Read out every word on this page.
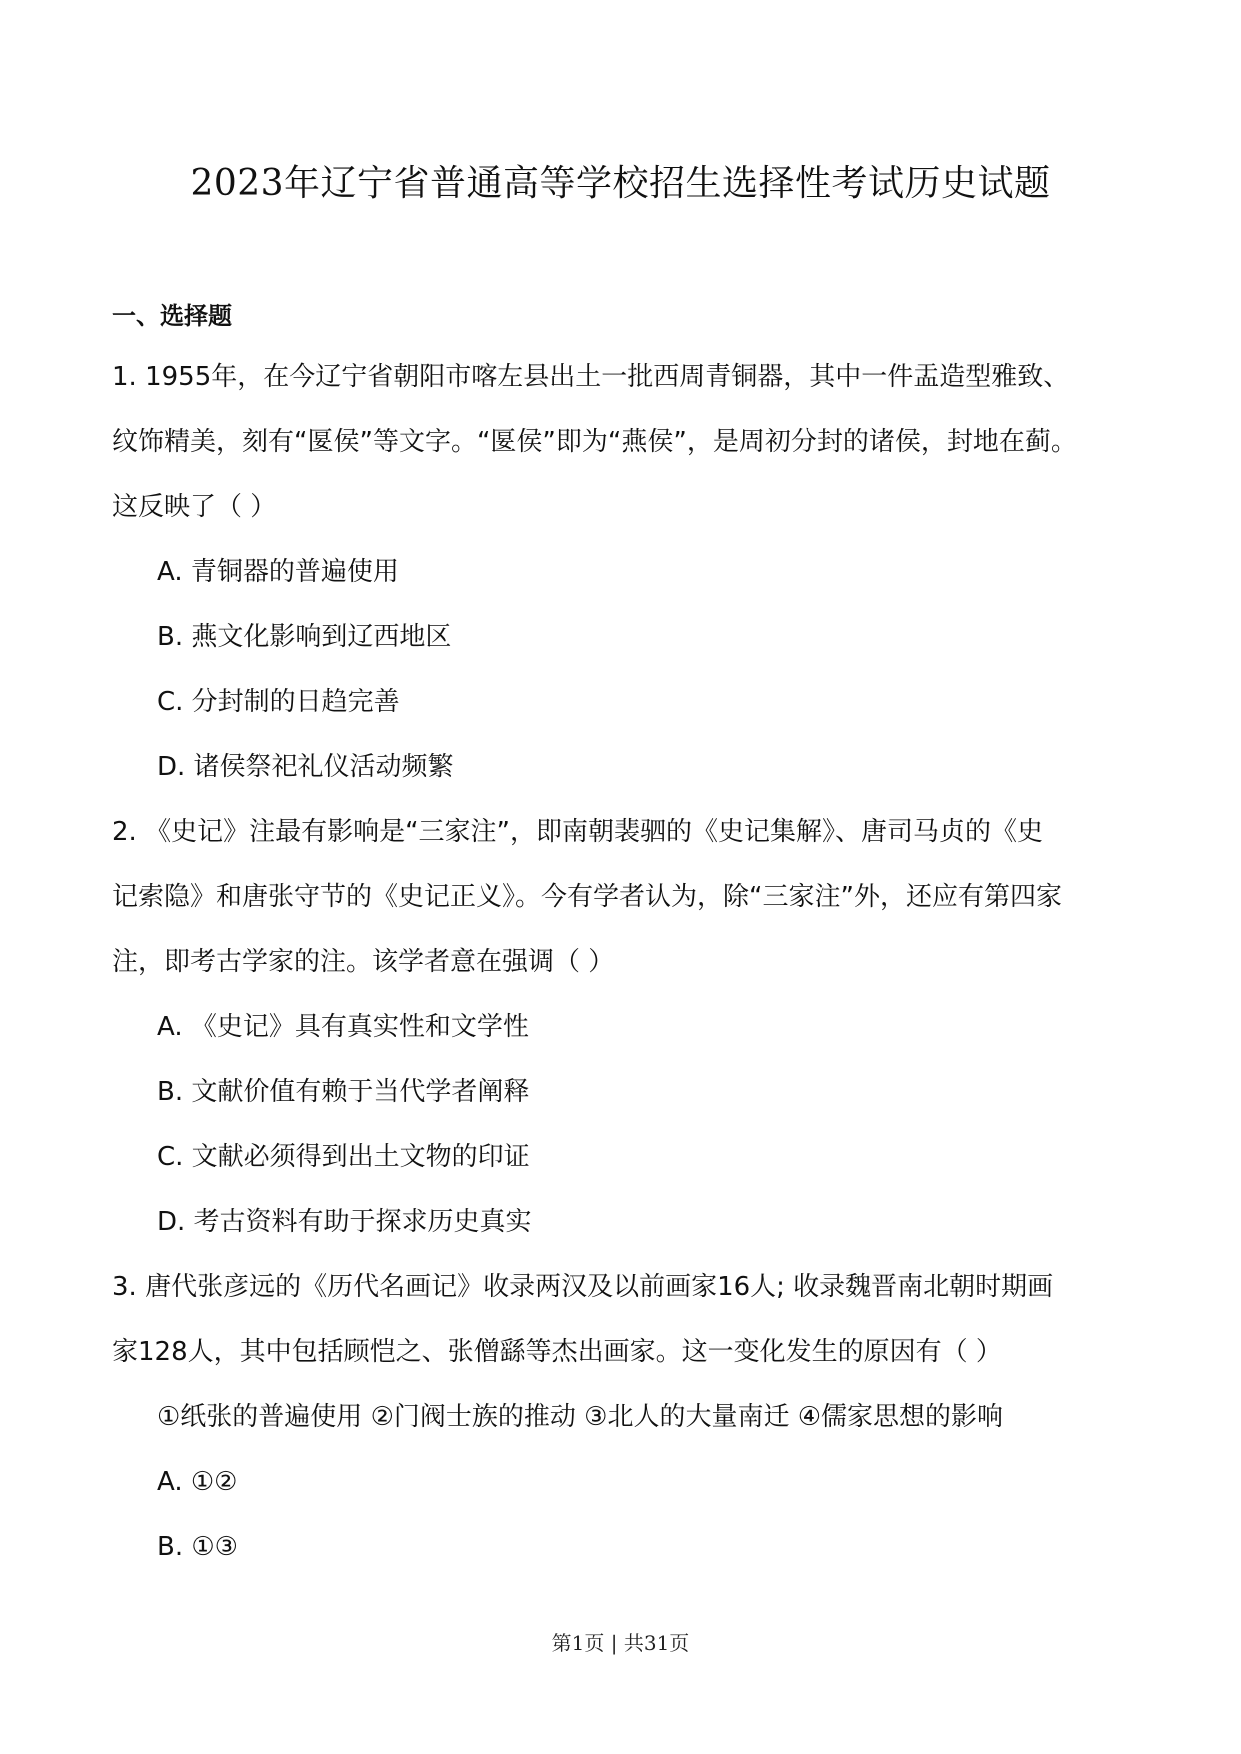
2023年辽宁省普通高等学校招生选择性考试历史试题
一、选择题
1. 1955年，在今辽宁省朝阳市喀左县出土一批西周青铜器，其中一件盂造型雅致、
纹饰精美，刻有“匽侯”等文字。“匽侯”即为“燕侯”，是周初分封的诸侯，封地在蓟。
这反映了（ ）
A. 青铜器的普遍使用
B. 燕文化影响到辽西地区
C. 分封制的日趋完善
D. 诸侯祭祀礼仪活动频繁
2. 《史记》注最有影响是“三家注”，即南朝裴驷的《史记集解》、唐司马贞的《史
记索隐》和唐张守节的《史记正义》。今有学者认为，除“三家注”外，还应有第四家
注，即考古学家的注。该学者意在强调（ ）
A. 《史记》具有真实性和文学性
B. 文献价值有赖于当代学者阐释
C. 文献必须得到出土文物的印证
D. 考古资料有助于探求历史真实
3. 唐代张彦远的《历代名画记》收录两汉及以前画家16人; 收录魏晋南北朝时期画
家128人，其中包括顾恺之、张僧繇等杰出画家。这一变化发生的原因有（ ）
①纸张的普遍使用 ②门阀士族的推动 ③北人的大量南迁 ④儒家思想的影响
A. ①②
B. ①③
第1页 | 共31页
